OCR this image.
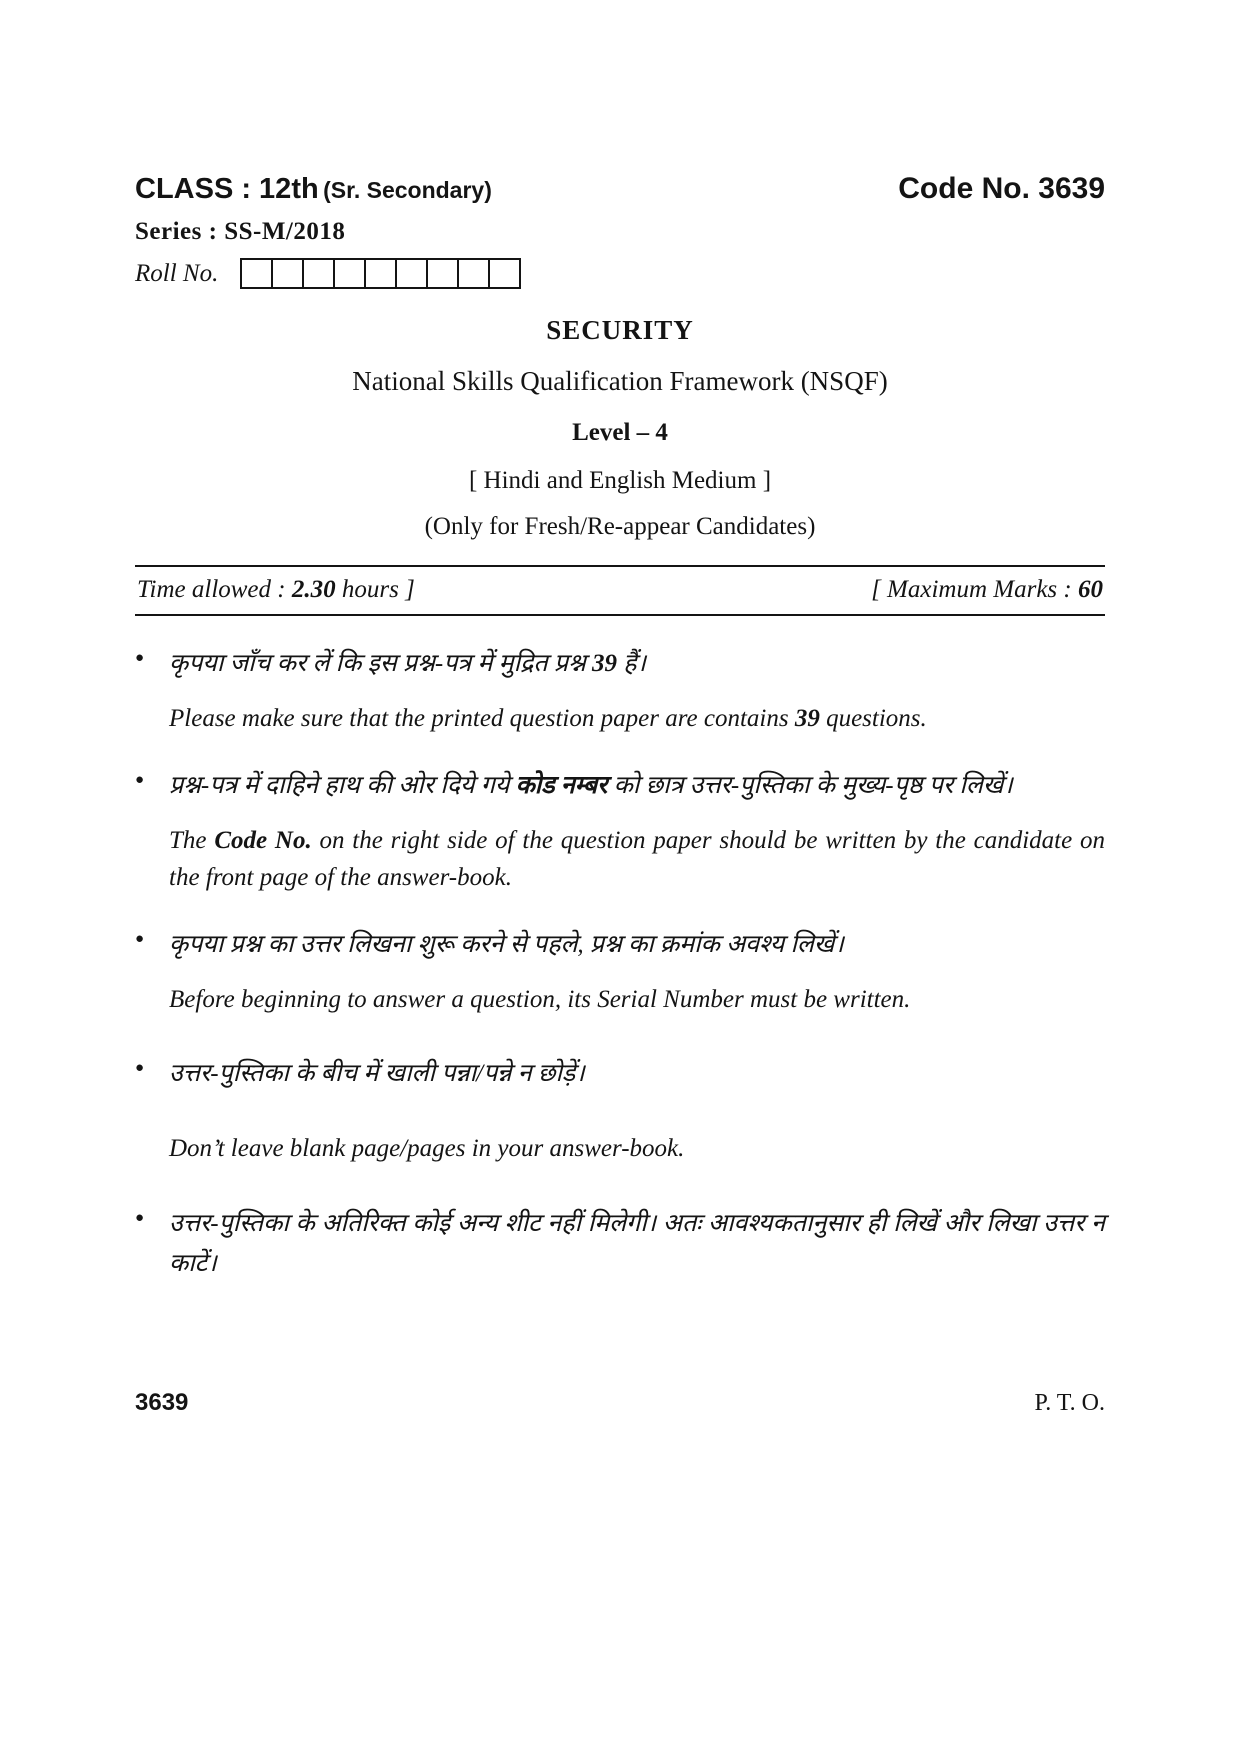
CLASS : 12th (Sr. Secondary)	Code No. 3639
Series : SS-M/2018
Roll No.
SECURITY
National Skills Qualification Framework (NSQF)
Level – 4
[ Hindi and English Medium ]
(Only for Fresh/Re-appear Candidates)
Time allowed : 2.30 hours ]	[ Maximum Marks : 60
● कृपया जाँच कर लें कि इस प्रश्न-पत्र में मुद्रित प्रश्न 39 हैं।
Please make sure that the printed question paper are contains 39 questions.
● प्रश्न-पत्र में दाहिने हाथ की ओर दिये गये कोड नम्बर को छात्र उत्तर-पुस्तिका के मुख्य-पृष्ठ पर लिखें।
The Code No. on the right side of the question paper should be written by the candidate on the front page of the answer-book.
● कृपया प्रश्न का उत्तर लिखना शुरू करने से पहले, प्रश्न का क्रमांक अवश्य लिखें।
Before beginning to answer a question, its Serial Number must be written.
● उत्तर-पुस्तिका के बीच में खाली पन्ना/पन्ने न छोड़ें।
Don’t leave blank page/pages in your answer-book.
● उत्तर-पुस्तिका के अतिरिक्त कोई अन्य शीट नहीं मिलेगी। अतः आवश्यकतानुसार ही लिखें और लिखा उत्तर न काटें।
3639	P. T. O.
